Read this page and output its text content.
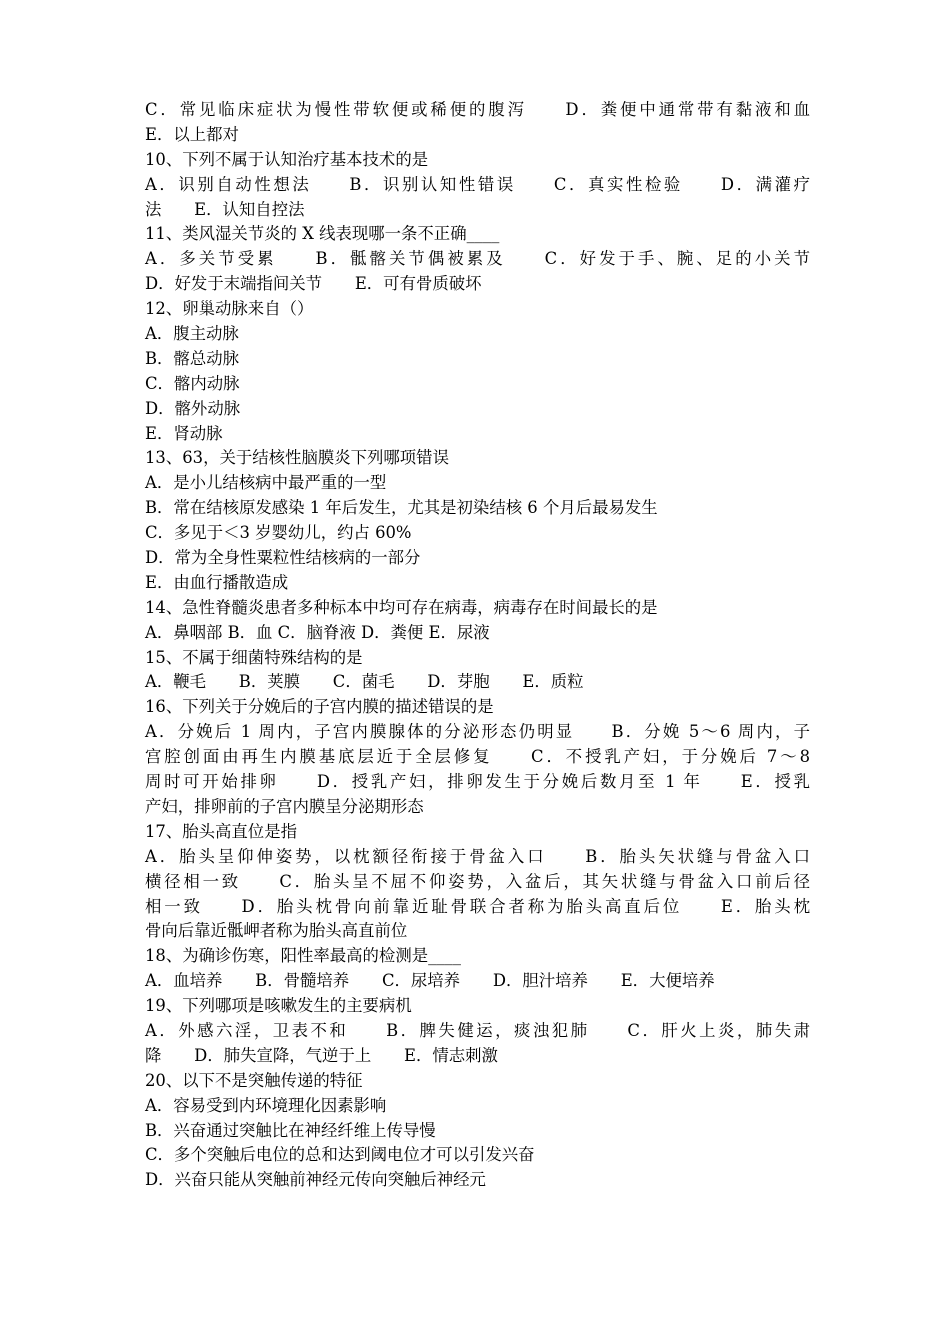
C．常见临床症状为慢性带软便或稀便的腹泻　　D．粪便中通常带有黏液和血
E．以上都对
10、下列不属于认知治疗基本技术的是
A．识别自动性想法　　B．识别认知性错误　　C．真实性检验　　D．满灌疗
法　　E．认知自控法
11、类风湿关节炎的 X 线表现哪一条不正确____
A．多关节受累　　B．骶髂关节偶被累及　　C．好发于手、腕、足的小关节
D．好发于末端指间关节　　E．可有骨质破坏
12、卵巢动脉来自（）
A．腹主动脉
B．髂总动脉
C．髂内动脉
D．髂外动脉
E．肾动脉
13、63，关于结核性脑膜炎下列哪项错误
A．是小儿结核病中最严重的一型
B．常在结核原发感染 1 年后发生，尤其是初染结核 6 个月后最易发生
C．多见于＜3 岁婴幼儿，约占 60%
D．常为全身性粟粒性结核病的一部分
E．由血行播散造成
14、急性脊髓炎患者多种标本中均可存在病毒，病毒存在时间最长的是
A．鼻咽部 B．血 C．脑脊液 D．粪便 E．尿液
15、不属于细菌特殊结构的是
A．鞭毛　　B．荚膜　　C．菌毛　　D．芽胞　　E．质粒
16、下列关于分娩后的子宫内膜的描述错误的是
A．分娩后 1 周内，子宫内膜腺体的分泌形态仍明显　　B．分娩 5～6 周内，子
宫腔创面由再生内膜基底层近于全层修复　　C．不授乳产妇，于分娩后 7～8
周时可开始排卵　　D．授乳产妇，排卵发生于分娩后数月至 1 年　　E．授乳
产妇，排卵前的子宫内膜呈分泌期形态
17、胎头高直位是指
A．胎头呈仰伸姿势，以枕额径衔接于骨盆入口　　B．胎头矢状缝与骨盆入口
横径相一致　　C．胎头呈不屈不仰姿势，入盆后，其矢状缝与骨盆入口前后径
相一致　　D．胎头枕骨向前靠近耻骨联合者称为胎头高直后位　　E．胎头枕
骨向后靠近骶岬者称为胎头高直前位
18、为确诊伤寒，阳性率最高的检测是____
A．血培养　　B．骨髓培养　　C．尿培养　　D．胆汁培养　　E．大便培养
19、下列哪项是咳嗽发生的主要病机
A．外感六淫，卫表不和　　B．脾失健运，痰浊犯肺　　C．肝火上炎，肺失肃
降　　D．肺失宣降，气逆于上　　E．情志刺激
20、以下不是突触传递的特征
A．容易受到内环境理化因素影响
B．兴奋通过突触比在神经纤维上传导慢
C．多个突触后电位的总和达到阈电位才可以引发兴奋
D．兴奋只能从突触前神经元传向突触后神经元
